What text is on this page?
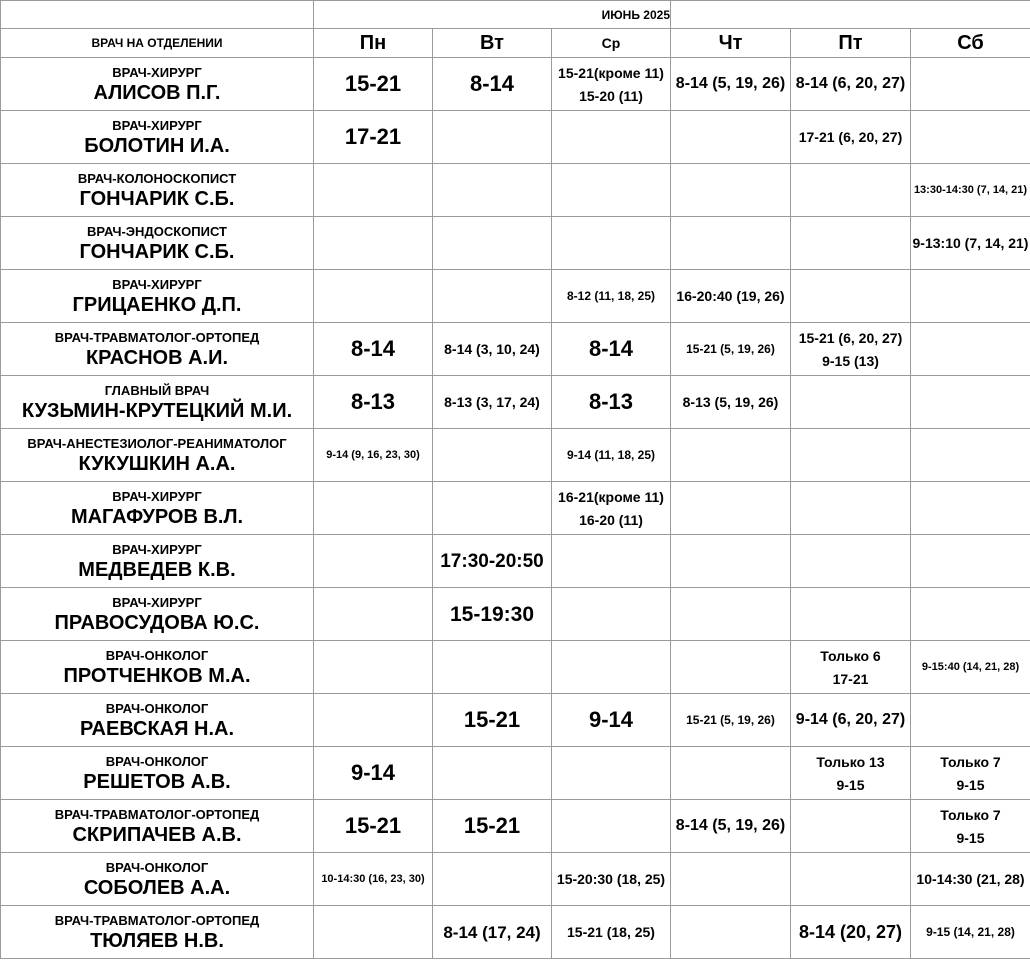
	ИЮНЬ 2025					
ВРАЧ НА ОТДЕЛЕНИИ	Пн	Вт	Ср	Чт	Пт	Сб

ВРАЧ-ХИРУРГ
АЛИСОВ П.Г.	15-21	8-14	15-21(кроме 11)
15-20 (11)	8-14 (5, 19, 26)	8-14 (6, 20, 27)	

ВРАЧ-ХИРУРГ
БОЛОТИН И.А.	17-21				17-21 (6, 20, 27)	

ВРАЧ-КОЛОНОСКОПИСТ
ГОНЧАРИК С.Б.						13:30-14:30 (7, 14, 21)

ВРАЧ-ЭНДОСКОПИСТ
ГОНЧАРИК С.Б.						9-13:10 (7, 14, 21)

ВРАЧ-ХИРУРГ
ГРИЦАЕНКО Д.П.			8-12 (11, 18, 25)	16-20:40 (19, 26)		

ВРАЧ-ТРАВМАТОЛОГ-ОРТОПЕД
КРАСНОВ А.И.	8-14	8-14 (3, 10, 24)	8-14	15-21 (5, 19, 26)	15-21 (6, 20, 27)
9-15 (13)	

ГЛАВНЫЙ ВРАЧ
КУЗЬМИН-КРУТЕЦКИЙ М.И.	8-13	8-13 (3, 17, 24)	8-13	8-13 (5, 19, 26)		

ВРАЧ-АНЕСТЕЗИОЛОГ-РЕАНИМАТОЛОГ
КУКУШКИН А.А.	9-14 (9, 16, 23, 30)		9-14 (11, 18, 25)			

ВРАЧ-ХИРУРГ
МАГАФУРОВ В.Л.			16-21(кроме 11)
16-20 (11)			

ВРАЧ-ХИРУРГ
МЕДВЕДЕВ К.В.		17:30-20:50				

ВРАЧ-ХИРУРГ
ПРАВОСУДОВА Ю.С.		15-19:30				

ВРАЧ-ОНКОЛОГ
ПРОТЧЕНКОВ М.А.					Только 6
17-21	9-15:40 (14, 21, 28)

ВРАЧ-ОНКОЛОГ
РАЕВСКАЯ Н.А.		15-21	9-14	15-21 (5, 19, 26)	9-14 (6, 20, 27)	

ВРАЧ-ОНКОЛОГ
РЕШЕТОВ А.В.	9-14				Только 13
9-15	Только 7
9-15

ВРАЧ-ТРАВМАТОЛОГ-ОРТОПЕД
СКРИПАЧЕВ А.В.	15-21	15-21		8-14 (5, 19, 26)		Только 7
9-15

ВРАЧ-ОНКОЛОГ
СОБОЛЕВ А.А.	10-14:30 (16, 23, 30)		15-20:30 (18, 25)			10-14:30 (21, 28)

ВРАЧ-ТРАВМАТОЛОГ-ОРТОПЕД
ТЮЛЯЕВ Н.В.		8-14 (17, 24)	15-21 (18, 25)		8-14 (20, 27)	9-15 (14, 21, 28)
